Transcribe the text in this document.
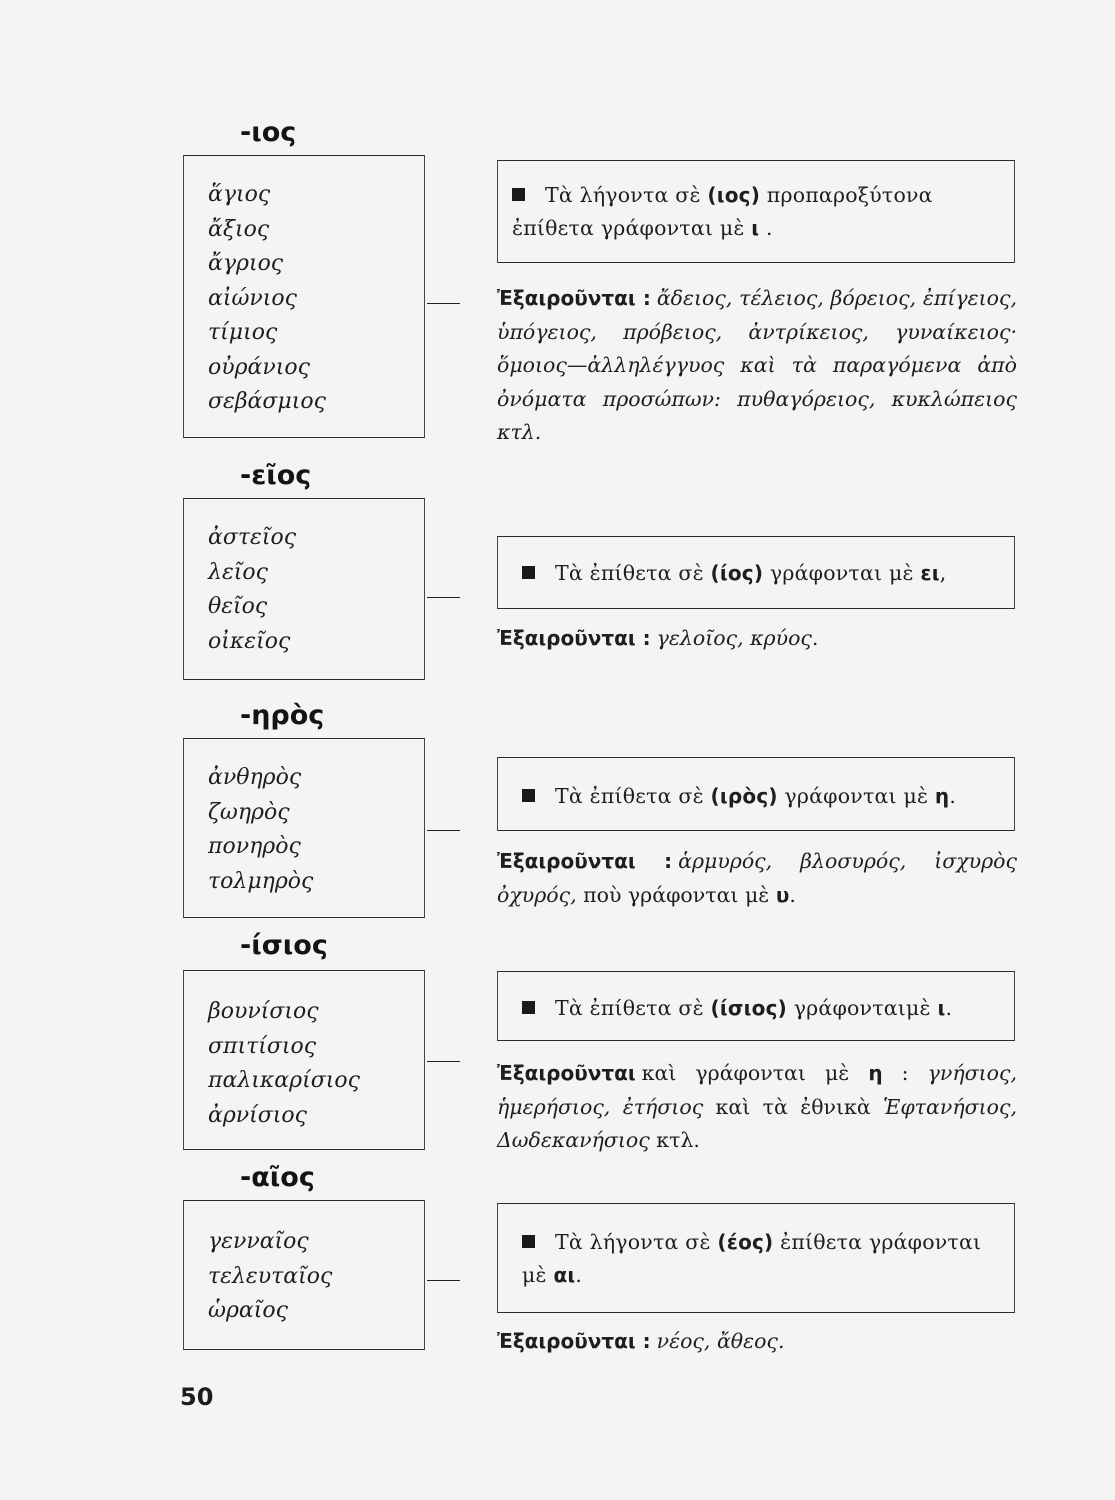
-ιος
ἅγιος
ἄξιος
ἄγριος
αἰώνιος
τίμιος
οὐράνιος
σεβάσμιος
Τὰ λήγοντα σὲ (ιος) προπαροξύτονα ἐπίθετα γράφονται μὲ ι .
Ἐξαιροῦνται : ἄδειος, τέλειος, βόρειος, ἐπίγειος, ὑπόγειος, πρόβειος, ἀντρίκειος, γυναίκειος· ὅμοιος—ἀλληλέγγυος καὶ τὰ παραγόμενα ἀπὸ ὀνόματα προσώπων: πυθαγόρειος, κυκλώπειος κτλ.
-εῖος
ἀστεῖος
λεῖος
θεῖος
οἰκεῖος
Τὰ ἐπίθετα σὲ (ίος) γράφονται μὲ ει,
Ἐξαιροῦνται : γελοῖος, κρύος.
-ηρὸς
ἀνθηρὸς
ζωηρὸς
πονηρὸς
τολμηρὸς
Τὰ ἐπίθετα σὲ (ιρὸς) γράφονται μὲ η.
Ἐξαιροῦνται : ἁρμυρός, βλοσυρός, ἰσχυρὸς ὀχυρός, ποὺ γράφονται μὲ υ.
-ίσιος
βουνίσιος
σπιτίσιος
παλικαρίσιος
ἀρνίσιος
Τὰ ἐπίθετα σὲ (ίσιος) γράφονταιμὲ ι.
Ἐξαιροῦνται καὶ γράφονται μὲ η : γνήσιος, ἡμερήσιος, ἐτήσιος καὶ τὰ ἐθνικὰ Ἑφτανήσιος, Δωδεκανήσιος κτλ.
-αῖος
γενναῖος
τελευταῖος
ὡραῖος
Τὰ λήγοντα σὲ (έος) ἐπίθετα γράφονται μὲ αι.
Ἐξαιροῦνται : νέος, ἄθεος.
50
